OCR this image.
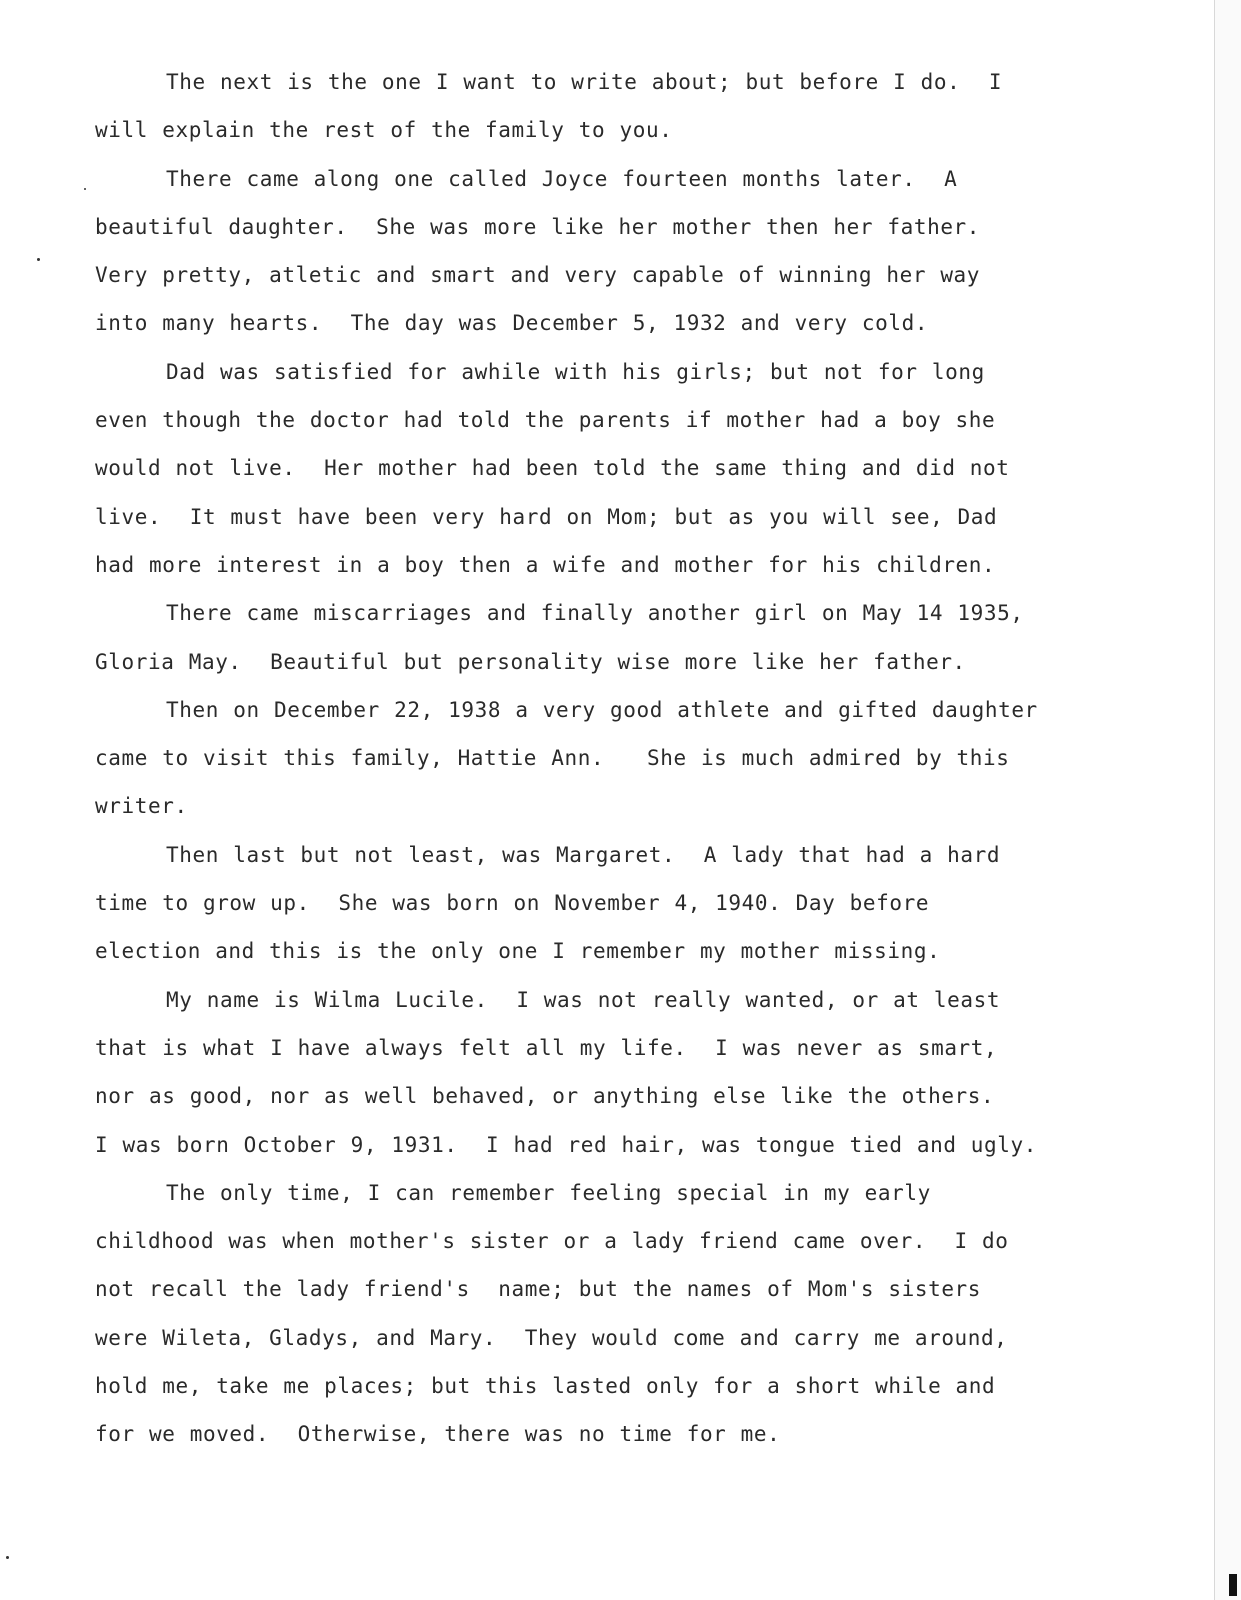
The next is the one I want to write about; but before I do.  I
will explain the rest of the family to you.
There came along one called Joyce fourteen months later.  A
beautiful daughter.  She was more like her mother then her father.
Very pretty, atletic and smart and very capable of winning her way
into many hearts.  The day was December 5, 1932 and very cold.
Dad was satisfied for awhile with his girls; but not for long
even though the doctor had told the parents if mother had a boy she
would not live.  Her mother had been told the same thing and did not
live.  It must have been very hard on Mom; but as you will see, Dad
had more interest in a boy then a wife and mother for his children.
There came miscarriages and finally another girl on May 14 1935,
Gloria May.  Beautiful but personality wise more like her father.
Then on December 22, 1938 a very good athlete and gifted daughter
came to visit this family, Hattie Ann.   She is much admired by this
writer.
Then last but not least, was Margaret.  A lady that had a hard
time to grow up.  She was born on November 4, 1940. Day before
election and this is the only one I remember my mother missing.
My name is Wilma Lucile.  I was not really wanted, or at least
that is what I have always felt all my life.  I was never as smart,
nor as good, nor as well behaved, or anything else like the others.
I was born October 9, 1931.  I had red hair, was tongue tied and ugly.
The only time, I can remember feeling special in my early
childhood was when mother's sister or a lady friend came over.  I do
not recall the lady friend's  name; but the names of Mom's sisters
were Wileta, Gladys, and Mary.  They would come and carry me around,
hold me, take me places; but this lasted only for a short while and
for we moved.  Otherwise, there was no time for me.
